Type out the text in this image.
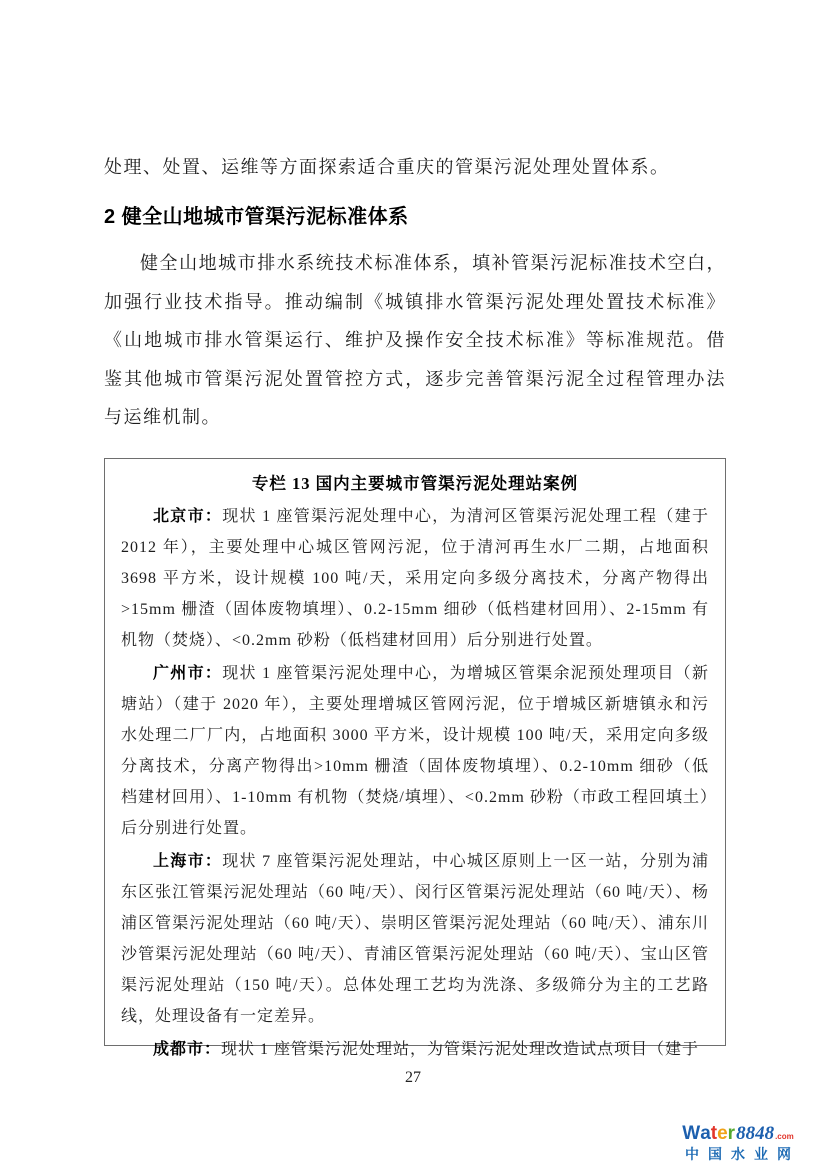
处理、处置、运维等方面探索适合重庆的管渠污泥处理处置体系。

2 健全山地城市管渠污泥标准体系

健全山地城市排水系统技术标准体系，填补管渠污泥标准技术空白，加强行业技术指导。推动编制《城镇排水管渠污泥处理处置技术标准》《山地城市排水管渠运行、维护及操作安全技术标准》等标准规范。借鉴其他城市管渠污泥处置管控方式，逐步完善管渠污泥全过程管理办法与运维机制。

专栏 13 国内主要城市管渠污泥处理站案例

北京市：现状 1 座管渠污泥处理中心，为清河区管渠污泥处理工程（建于 2012 年），主要处理中心城区管网污泥，位于清河再生水厂二期，占地面积 3698 平方米，设计规模 100 吨/天，采用定向多级分离技术，分离产物得出>15mm 栅渣（固体废物填埋）、0.2-15mm 细砂（低档建材回用）、2-15mm 有机物（焚烧）、<0.2mm 砂粉（低档建材回用）后分别进行处置。

广州市：现状 1 座管渠污泥处理中心，为增城区管渠余泥预处理项目（新塘站）（建于 2020 年），主要处理增城区管网污泥，位于增城区新塘镇永和污水处理二厂厂内，占地面积 3000 平方米，设计规模 100 吨/天，采用定向多级分离技术，分离产物得出>10mm 栅渣（固体废物填埋）、0.2-10mm 细砂（低档建材回用）、1-10mm 有机物（焚烧/填埋）、<0.2mm 砂粉（市政工程回填土）后分别进行处置。

上海市：现状 7 座管渠污泥处理站，中心城区原则上一区一站，分别为浦东区张江管渠污泥处理站（60 吨/天）、闵行区管渠污泥处理站（60 吨/天）、杨浦区管渠污泥处理站（60 吨/天）、崇明区管渠污泥处理站（60 吨/天）、浦东川沙管渠污泥处理站（60 吨/天）、青浦区管渠污泥处理站（60 吨/天）、宝山区管渠污泥处理站（150 吨/天）。总体处理工艺均为洗涤、多级筛分为主的工艺路线，处理设备有一定差异。

成都市：现状 1 座管渠污泥处理站，为管渠污泥处理改造试点项目（建于

27
W a t e r 8848 .com
中国水业网
